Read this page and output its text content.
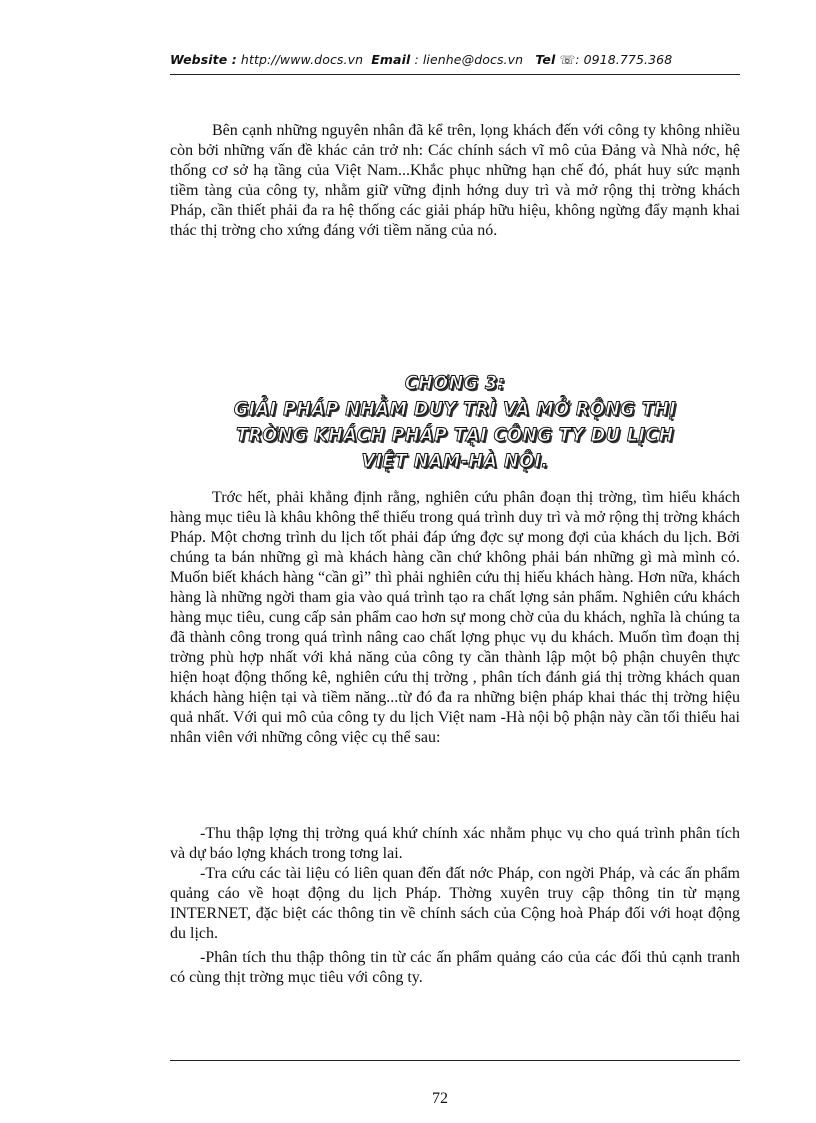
Website : http://www.docs.vn Email : lienhe@docs.vn Tel ☏: 0918.775.368

Bên cạnh những nguyên nhân đã kể trên, lọng khách đến với công ty không nhiều còn bởi những vấn đề khác cản trở nh: Các chính sách vĩ mô của Đảng và Nhà nớc, hệ thống cơ sở hạ tầng của Việt Nam...Khắc phục những hạn chế đó, phát huy sức mạnh tiềm tàng của công ty, nhằm giữ vững định hớng duy trì và mở rộng thị trờng khách Pháp, cần thiết phải đa ra hệ thống các giải pháp hữu hiệu, không ngừng đẩy mạnh khai thác thị trờng cho xứng đáng với tiềm năng của nó.

CHƠNG 3:
GIẢI PHÁP NHẰM DUY TRÌ VÀ MỞ RỘNG THỊ
TRỜNG KHÁCH PHÁP TẠI CÔNG TY DU LỊCH
VIỆT NAM-HÀ NỘI.

Trớc hết, phải khẳng định rằng, nghiên cứu phân đoạn thị trờng, tìm hiểu khách hàng mục tiêu là khâu không thể thiếu trong quá trình duy trì và mở rộng thị trờng khách Pháp. Một chơng trình du lịch tốt phải đáp ứng đợc sự mong đợi của khách du lịch. Bởi chúng ta bán những gì mà khách hàng cần chứ không phải bán những gì mà mình có. Muốn biết khách hàng “cần gì” thì phải nghiên cứu thị hiếu khách hàng. Hơn nữa, khách hàng là những ngời tham gia vào quá trình tạo ra chất lợng sản phẩm. Nghiên cứu khách hàng mục tiêu, cung cấp sản phẩm cao hơn sự mong chờ của du khách, nghĩa là chúng ta đã thành công trong quá trình nâng cao chất lợng phục vụ du khách. Muốn tìm đoạn thị trờng phù hợp nhất với khả năng của công ty cần thành lập một bộ phận chuyên thực hiện hoạt động thống kê, nghiên cứu thị trờng , phân tích đánh giá thị trờng khách quan khách hàng hiện tại và tiềm năng...từ đó đa ra những biện pháp khai thác thị trờng hiệu quả nhất. Với qui mô của công ty du lịch Việt nam -Hà nội bộ phận này cần tối thiểu hai nhân viên với những công việc cụ thể sau:

-Thu thập lợng thị trờng quá khứ chính xác nhằm phục vụ cho quá trình phân tích và dự báo lợng khách trong tơng lai.

-Tra cứu các tài liệu có liên quan đến đất nớc Pháp, con ngời Pháp, và các ấn phẩm quảng cáo về hoạt động du lịch Pháp. Thờng xuyên truy cập thông tin từ mạng INTERNET, đặc biệt các thông tin về chính sách của Cộng hoà Pháp đối với hoạt động du lịch.

-Phân tích thu thập thông tin từ các ấn phẩm quảng cáo của các đối thủ cạnh tranh có cùng thịt trờng mục tiêu với công ty.

72
